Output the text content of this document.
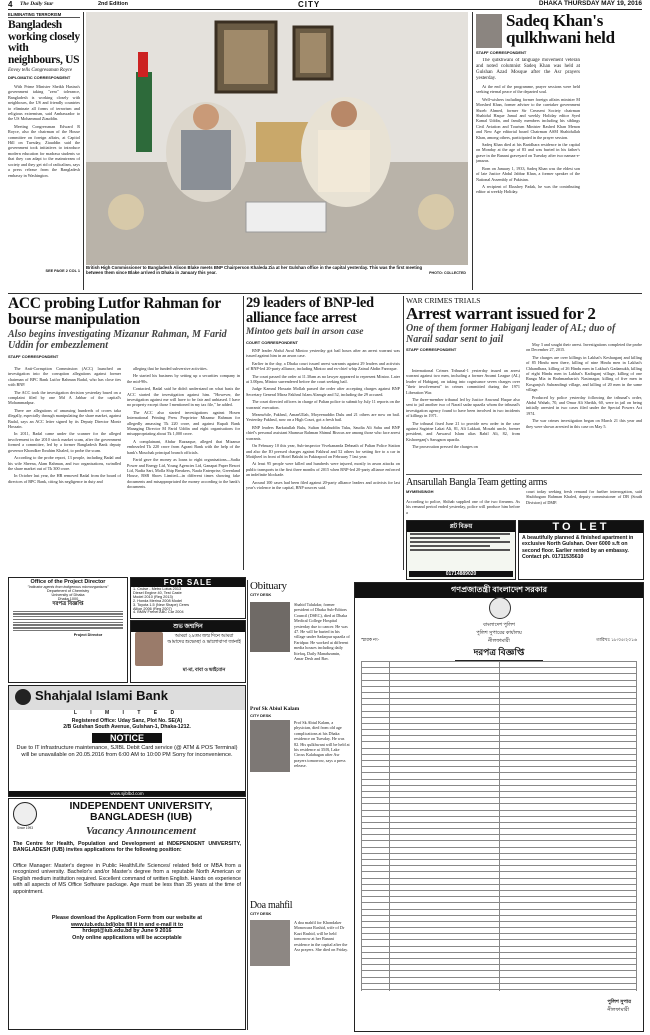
4 The Daily Star	2nd Edition	CITY	DHAKA THURSDAY MAY 19, 2016
ELIMINATING TERRORISM
Bangladesh working closely with neighbours, US
Envoy tells Congressman Royce
DIPLOMATIC CORRESPONDENT

With Prime Minister Sheikh Hasina's government taking "zero" tolerance, Bangladesh is working closely with neighbours, the US and friendly countries to eliminate all forms of terrorism and religious extremism, said Ambassador to the US Mohammad Ziauddin.

Meeting Congressman Edward R Royce, also the chairman of the House committee on foreign affairs, at Capitol Hill on Tuesday, Ziauddin said the government took initiatives to introduce modern education for madrasa students so that they can adapt to the mainstream of society and they get rid of radicalism, says a press release from the Bangladesh embassy in Washington.

SEE PAGE 2 COL 1
British High Commissioner to Bangladesh Alison Blake meets BNP Chairperson Khaleda Zia at her Gulshan office in the capital yesterday. This was the first meeting between them since Blake arrived in Dhaka in January this year.	PHOTO: COLLECTED
Sadeq Khan's qulkhwani held
STAFF CORRESPONDENT

The qulkhwani of language movement veteran and noted columnist Sadeq Khan was held at Gulshan Azad Mosque after the Asr prayers yesterday.

At the end of the programme, prayer sessions were held seeking eternal peace of the departed soul.

Well-wishers including former foreign affairs minister M Morshed Khan, former adviser to the caretaker government Shoeb Ahmed, former Sir Creasent Society chairman Shahidul Haque Jamal and weekly Holiday editor Syed Kamal Uddin, and family members including his siblings Civil Aviation and Tourism Minister Rashed Khan Menon and New Age editorial board Chairman ASM Shahidullah Khan, among others, participated in the prayer session.

Sadeq Khan died at his Baridhara residence in the capital on Monday at the age of 83 and was buried in his father's grave in the Banani graveyard on Tuesday after two namaz-e-janazas.

Born on January 1, 1933, Sadeq Khan was the eldest son of late Justice Abdul Jabbar Khan, a former speaker of the National Assembly of Pakistan.

A recipient of Ekushey Padak, he was the contributing editor at weekly Holiday.

ACC probing Lutfor Rahman for bourse manipulation
Also begins investigating Mizanur Rahman, M Farid Uddin for embezzlement
STAFF CORRESPONDENT

The Anti-Corruption Commission (ACC) launched an investigation into the corruption allegations against former chairman of BPC Bank Lutfor Rahman Badal, who has close ties with BNP.

The ACC took the investigation decision yesterday based on a complaint filed by one Md A Jabbar of the capital's Mohammadpur.

There are allegations of amassing hundreds of crores taka illegally, especially through manipulating the share market, against Badal, says an ACC letter signed by its Deputy Director Monir Hossain.

In 2011, Badal came under the scanner for the alleged involvement in the 2010 stock market scam, after the government formed a committee, led by a former Bangladesh Bank deputy governor Khondker Ibrahim Khaled, to probe the scam.

According to the probe report, 13 people, including Badal and his wife Sheena, Alam Rahman, and two organisations, swindled the share market out of Tk 300 crore.

In October last year, the HR removed Badal from the board of directors of BPC Bank, citing his negligence in duty and

alleging that he funded subversive activities.

He started his business by setting up a securities company in the mid-90s.

Contacted, Badal said he didn't understand on what basis the ACC started the investigation against him. "However, the investigation against me will have to be fair and unbiased. I have no property except those I mentioned in my tax file," he added.

The ACC also started investigations against Hosen International Printing Press Proprietor Mizanur Rahman for allegedly amassing Tk 220 crore, and against Rupali Bank Managing Director M Farid Uddin and eight organisations for misappropriating about Tk 1,000 crore.

A complainant, Abdur Razzaque, alleged that Mizanur embezzled Tk 220 crore from Agrani Bank with the help of the bank's Mouchak principal branch officials.

Farid gave the money as loans to eight organisations—Sadia Power and Energy Ltd, Young Agencies Ltd, Ganapat Paper Resort Ltd, Nadia Sari, Molla Ship Breakers, Naafa Enterprise, Greenland House, BSB Shoes Limited—in different times showing fake documents and misappropriated the money according to the bank's documents.

29 leaders of BNP-led alliance face arrest
Mintoo gets bail in arson case
COURT CORRESPONDENT

BNP leader Abdul Awal Mintoo yesterday got bail hours after an arrest warrant was issued against him in an arson case.

Earlier in the day, a Dhaka court issued arrest warrants against 29 leaders and activists of BNP-led 20-party alliance, including Mintoo and ex-chief whip Zainul Abdin Farroque.

The court passed the order at 11.30am as no lawyer appeared to represent Mintoo. Later at 3.00pm, Mintoo surrendered before the court seeking bail.

Judge Kamrul Hossain Mollah passed the order after accepting charges against BNP Secretary General Mirza Fakhrul Islam Alamgir and 52, including the 29 accused.

The court directed officers in charge of Paltan police to submit by July 11 reports on the warrants' execution.

Meanwhile, Fakhrul, AmanUllah, Moyeenuddin Dulu and 21 others are now on bail. Yesterday Fakhrul, now on a High Court, got a fresh bail.

BNP leaders Barkatullah Bulu, Sultan Salahuddin Tuku, Saudia Ali Sahu and BNP chief's personal assistant Shamsur Rahman Shimul Biswas are among those who face arrest warrants.

On February 10 this year, Sub-inspector Vivekananda Debnath of Paltan Police Station and also the IO pressed charges against Fakhrul and 52 others for setting fire to a car in Motijheel in front of Hotel Bakshi in Fakirapool on February 7 last year.

At least 95 people were killed and hundreds were injured, mostly in arson attacks on public transports in the first three months of 2015 when BNP-led 20-party alliance enforced an indefinite blockade.

Around 100 cases had been filed against 20-party alliance leaders and activists for last year's violence in the capital, BNP sources said.

WAR CRIMES TRIALS
Arrest warrant issued for 2
One of them former Habiganj leader of AL; duo of Narail sadar sent to jail
STAFF CORRESPONDENT

International Crimes Tribunal-1 yesterday issued an arrest warrant against two men, including a former Awami League (AL) leader of Habiganj, on taking into cognisance seven charges over "their involvement" in crimes committed during the 1971 Liberation War.

The three-member tribunal led by Justice Anwarul Haque also sent to jail another two of Narail sadar upazila whom the tribunal's investigation agency found to have been involved in two incidents of killings in 1971.

The tribunal fixed June 21 to provide new order in the case against Sagirine Lakai Ali, 81, Ali Lakkati, Mosabi uncle, former president, and Anwarul Islam alias Rabil Ali, 82, from Kishoreganj's Sarugaon upazila.

The prosecution pressed the charges on

May 3 and sought their arrest. Investigations completed the probe on December 27, 2015.

The charges are over killings in Lakhai's Kesharganj and killing of 85 Hindu men there, killing of nine Hindu men in Lakhai's Chhandhara, killing of 26 Hindu men in Lakhai's Gadamukh, killing of eight Hindu men in Lakhai's Kadirganj village, killing of one Ranga Mia in Brahmanbaria's Nasirnagar, killing of five men in Kosganjsi's Suhrandingi village, and killing of 20 men in the same village.

Produced by police yesterday following the tribunal's order, Abdul Wahab, 70, and Omar Ali Sheikh, 60, were in jail on being initially arrested in two cases filed under the Special Powers Act 1974.

The war crimes investigation began on March 21 this year and they were shown arrested in this case on May 5.

Ansarullah Bangla Team getting arms
MYMENSINGH
According to police, Shihab supplied one of the two firearms. As his remand period ended yesterday, police will produce him before a
court today seeking fresh remand for further interrogation, said Shubhogaro Rahman Khaled, deputy commissioner of DB (South Division) of DMP.
প্লট বিক্রয়
01714889020
TO LET
A beautifully planned & finished apartment in exclusive North Gulshan. Over 6000 s.ft on second floor. Earlier rented by an embassy. Contact ph. 01711535610
Office of the Project Director
"Indicator agents from indigenous microorganisms"
Department of Chemistry
University of Dhaka
Dhaka 1000
দরপত্র বিজ্ঞপ্তি
Project Director
FOR SALE
1. Cruise - Metro Lotus 2013
Diesel Engine 40, Test Caste
Model 2010 (Reg 2013)
2. Honda Merina 2008 Model
3. Toyota 1.5 (New Shape) Ceres
Allion 2006 (Reg 2007)
4. BMW Frenel ABC Car 2004
শুভ জন্মদিন
আমরা ২৯তম জন্ম দিনে আমরা আমাদের শুভেচ্ছা ও ভালোবাসা জানাই
মা-মা, বাবা ও ভাইবোন
Shahjalal Islami Bank
L I M I T E D
Registered Office: Uday Sanz, Plot No. SE(A)
2/B Gulshan South Avenue, Gulshan-1, Dhaka-1212.
NOTICE
Due to IT infrastructure maintenance, SJIBL Debit Card service (@ ATM & POS Terminal) will be unavailable on 20.05.2016 from 6:00 AM to 10:00 PM Sorry for inconvenience.
www.sjiblbd.com
Since 1993
INDEPENDENT UNIVERSITY, BANGLADESH (IUB)
Vacancy Announcement
The Centre for Health, Population and Development at INDEPENDENT UNIVERSITY, BANGLADESH (IUB) invites applications for the following position:
Office Manager: Master's degree in Public Health/Life Sciences/ related field or MBA from a recognized university. Bachelor's and/or Master's degree from a reputable North American or English medium institution required. Excellent command of written English. Hands on experience with all aspects of MS Office Software package. Age must be less than 35 years at the time of appointment.
Please download the Application Form from our website at
www.iub.edu.bd/jobs fill it in and e-mail it to
hrdept@iub.edu.bd by June 9 2016
Only online applications will be acceptable
Obituary
CITY DESK
Shahid Talukdar, former president of Dhaka Sub-Editors Council (DSEC), died at Dhaka Medical College Hospital yesterday due to cancer. He was 47. He will be buried in his village under Sadarpur upazila of Faridpur. He worked at different media houses including daily Ittefaq, Daily Manabzamin, Amar Desh and Bav.
Prof Sk Abiul Kalam
CITY DESK
Prof Sk Abiul Kalam, a physician, died from old age complications at his Dhaka residence on Tuesday. He was 82. His qulkhwani will be held at his residence at 35/B, Lake Circus Kalabagan after Asr prayers tomorrow, says a press release.
Doa mahfil
CITY DESK
A doa mahfil for Khondaker Monowara Rashid, wife of Dr Kazi Rashid, will be held tomorrow at her Banani residence in the capital after the Asr prayers. She died on Friday.
গণপ্রজাতন্ত্রী বাংলাদেশ সরকার
বাংলাদেশ পুলিশ
পুলিশ সুপারের কার্যালয়
নীলফামারী
স্মারক নং-	তারিখঃ ১৮/০৫/২০১৬
দরপত্র বিজ্ঞপ্তি

পুলিশ সুপার
নীলফামারী
